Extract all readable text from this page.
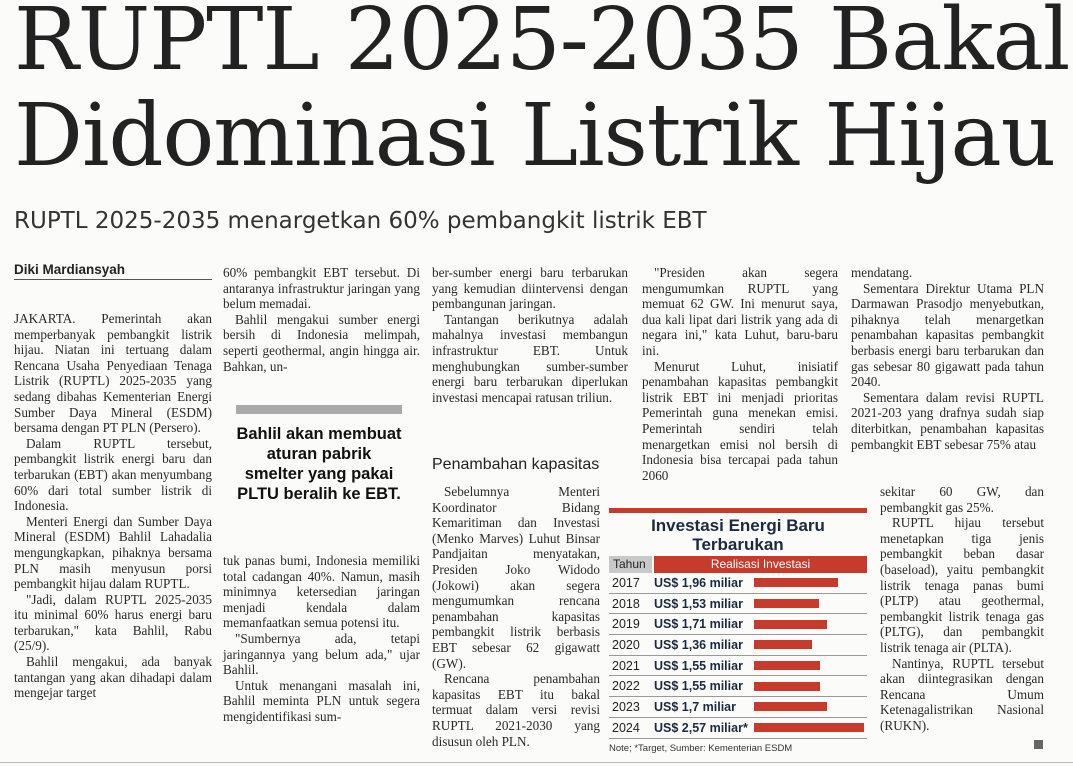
RUPTL 2025-2035 Bakal
Didominasi Listrik Hijau
RUPTL 2025-2035 menargetkan 60% pembangkit listrik EBT
Diki Mardiansyah

JAKARTA. Pemerintah akan memperbanyak pembangkit listrik hijau. Niatan ini tertuang dalam Rencana Usaha Penyediaan Tenaga Listrik (RUPTL) 2025-2035 yang sedang dibahas Kementerian Energi Sumber Daya Mineral (ESDM) bersama dengan PT PLN (Persero).

Dalam RUPTL tersebut, pembangkit listrik energi baru dan terbarukan (EBT) akan menyumbang 60% dari total sumber listrik di Indonesia.

Menteri Energi dan Sumber Daya Mineral (ESDM) Bahlil Lahadalia mengungkapkan, pihaknya bersama PLN masih menyusun porsi pembangkit hijau dalam RUPTL.

"Jadi, dalam RUPTL 2025-2035 itu minimal 60% harus energi baru terbarukan," kata Bahlil, Rabu (25/9).

Bahlil mengakui, ada banyak tantangan yang akan dihadapi dalam mengejar target

60% pembangkit EBT tersebut. Di antaranya infrastruktur jaringan yang belum memadai.

Bahlil mengakui sumber energi bersih di Indonesia melimpah, seperti geothermal, angin hingga air. Bahkan, un-

Bahlil akan membuat aturan pabrik smelter yang pakai PLTU beralih ke EBT.

tuk panas bumi, Indonesia memiliki total cadangan 40%. Namun, masih minimnya ketersedian jaringan menjadi kendala dalam memanfaatkan semua potensi itu.

"Sumbernya ada, tetapi jaringannya yang belum ada," ujar Bahlil.

Untuk menangani masalah ini, Bahlil meminta PLN untuk segera mengidentifikasi sum-

ber-sumber energi baru terbarukan yang kemudian diintervensi dengan pembangunan jaringan.

Tantangan berikutnya adalah mahalnya investasi membangun infrastruktur EBT. Untuk menghubungkan sumber-sumber energi baru terbarukan diperlukan investasi mencapai ratusan triliun.

Penambahan kapasitas

Sebelumnya Menteri Koordinator Bidang Kemaritiman dan Investasi (Menko Marves) Luhut Binsar Pandjaitan menyatakan, Presiden Joko Widodo (Jokowi) akan segera mengumumkan rencana penambahan kapasitas pembangkit listrik berbasis EBT sebesar 62 gigawatt (GW).

Rencana penambahan kapasitas EBT itu bakal termuat dalam versi revisi RUPTL 2021-2030 yang disusun oleh PLN.

"Presiden akan segera mengumumkan RUPTL yang memuat 62 GW. Ini menurut saya, dua kali lipat dari listrik yang ada di negara ini," kata Luhut, baru-baru ini.

Menurut Luhut, inisiatif penambahan kapasitas pembangkit listrik EBT ini menjadi prioritas Pemerintah guna menekan emisi. Pemerintah sendiri telah menargetkan emisi nol bersih di Indonesia bisa tercapai pada tahun 2060

mendatang.

Sementara Direktur Utama PLN Darmawan Prasodjo menyebutkan, pihaknya telah menargetkan penambahan kapasitas pembangkit berbasis energi baru terbarukan dan gas sebesar 80 gigawatt pada tahun 2040.

Sementara dalam revisi RUPTL 2021-203 yang drafnya sudah siap diterbitkan, penambahan kapasitas pembangkit EBT sebesar 75% atau

sekitar 60 GW, dan pembangkit gas 25%.

RUPTL hijau tersebut menetapkan tiga jenis pembangkit beban dasar (baseload), yaitu pembangkit listrik tenaga panas bumi (PLTP) atau geothermal, pembangkit listrik tenaga gas (PLTG), dan pembangkit listrik tenaga air (PLTA).

Nantinya, RUPTL tersebut akan diintegrasikan dengan Rencana Umum Ketenagalistrikan Nasional (RUKN).

Investasi Energi Baru Terbarukan
Tahun	Realisasi Investasi
2017	US$ 1,96 miliar
2018	US$ 1,53 miliar
2019	US$ 1,71 miliar
2020	US$ 1,36 miliar
2021	US$ 1,55 miliar
2022	US$ 1,55 miliar
2023	US$ 1,7 miliar
2024	US$ 2,57 miliar*
Note; *Target, Sumber: Kementerian ESDM
